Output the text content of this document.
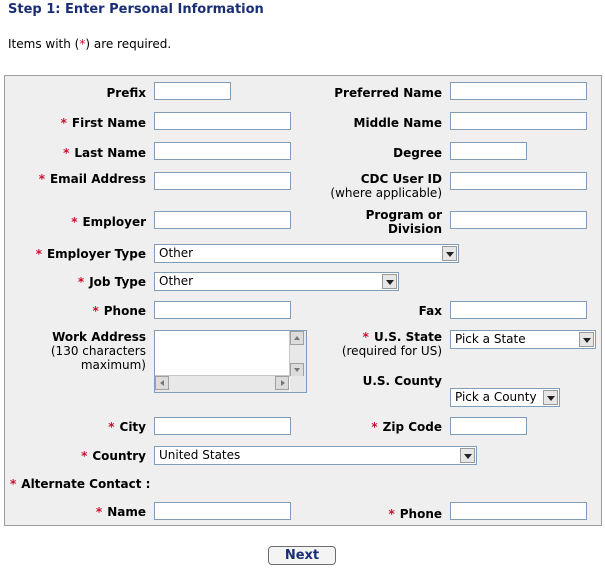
Step 1: Enter Personal Information
Items with (*) are required.
Prefix	Preferred Name
* First Name	Middle Name
* Last Name	Degree
* Email Address	CDC User ID
(where applicable)
* Employer	Program or
Division
* Employer Type Other
* Job Type Other
* Phone	Fax
Work Address
(130 characters
maximum)
* U.S. State
(required for US)
Pick a State
U.S. County
Pick a County
* City	* Zip Code
* Country United States
* Alternate Contact :
* Name	* Phone
Next
